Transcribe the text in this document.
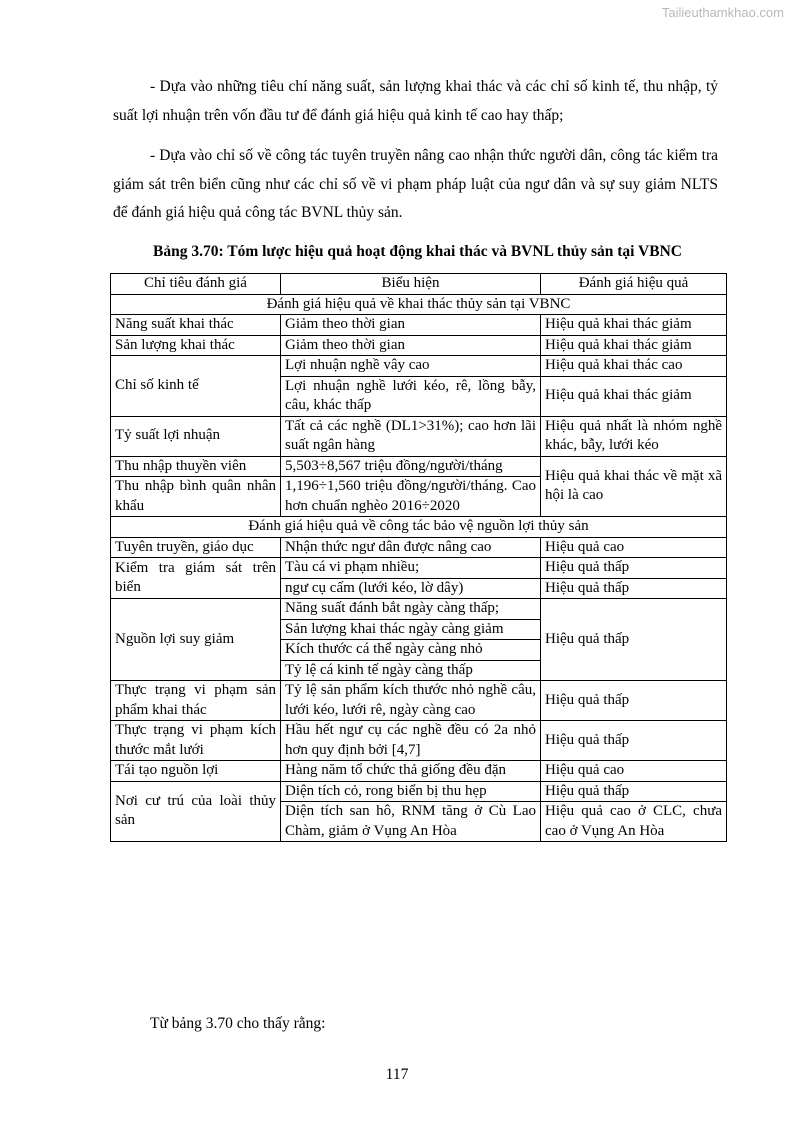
Tailieuthamkhao.com

- Dựa vào những tiêu chí năng suất, sản lượng khai thác và các chỉ số kinh tế, thu nhập, tỷ suất lợi nhuận trên vốn đầu tư để đánh giá hiệu quả kinh tế cao hay thấp;

- Dựa vào chỉ số về công tác tuyên truyền nâng cao nhận thức người dân, công tác kiểm tra giám sát trên biển cũng như các chỉ số về vi phạm pháp luật của ngư dân và sự suy giảm NLTS để đánh giá hiệu quả công tác BVNL thủy sản.

Bảng 3.70: Tóm lược hiệu quả hoạt động khai thác và BVNL thủy sản tại VBNC
Chỉ tiêu đánh giá	Biểu hiện	Đánh giá hiệu quả
Đánh giá hiệu quả về khai thác thủy sản tại VBNC		
Năng suất khai thác	Giảm theo thời gian	Hiệu quả khai thác giảm
Sản lượng khai thác	Giảm theo thời gian	Hiệu quả khai thác giảm
Chỉ số kinh tế	Lợi nhuận nghề vây cao	Hiệu quả khai thác cao
	Lợi nhuận nghề lưới kéo, rê, lồng bẫy, câu, khác thấp	Hiệu quả khai thác giảm
Tỷ suất lợi nhuận	Tất cả các nghề (DL1>31%); cao hơn lãi suất ngân hàng	Hiệu quả nhất là nhóm nghề khác, bẫy, lưới kéo
Thu nhập thuyền viên	5,503÷8,567 triệu đồng/người/tháng	Hiệu quả khai thác về mặt xã hội là cao
Thu nhập bình quân nhân khẩu	1,196÷1,560 triệu đồng/người/tháng. Cao hơn chuẩn nghèo 2016÷2020	
Đánh giá hiệu quả về công tác bảo vệ nguồn lợi thủy sản		
Tuyên truyền, giáo dục	Nhận thức ngư dân được nâng cao	Hiệu quả cao
Kiểm tra giám sát trên biển	Tàu cá vi phạm nhiều;	Hiệu quả thấp
	ngư cụ cấm (lưới kéo, lờ dây)	Hiệu quả thấp
Nguồn lợi suy giảm	Năng suất đánh bắt ngày càng thấp;	Hiệu quả thấp
	Sản lượng khai thác ngày càng giảm	
	Kích thước cá thể ngày càng nhỏ	
	Tỷ lệ cá kinh tế ngày càng thấp	
Thực trạng vi phạm sản phẩm khai thác	Tỷ lệ sản phẩm kích thước nhỏ nghề câu, lưới kéo, lưới rê, ngày càng cao	Hiệu quả thấp
Thực trạng vi phạm kích thước mắt lưới	Hầu hết ngư cụ các nghề đều có 2a nhỏ hơn quy định bởi [4,7]	Hiệu quả thấp
Tái tạo nguồn lợi	Hàng năm tổ chức thả giống đều đặn	Hiệu quả cao
Nơi cư trú của loài thủy sản	Diện tích cỏ, rong biển bị thu hẹp	Hiệu quả thấp
	Diện tích san hô, RNM tăng ở Cù Lao Chàm, giảm ở Vụng An Hòa	Hiệu quả cao ở CLC, chưa cao ở Vụng An Hòa
Từ bảng 3.70 cho thấy rằng:
117
